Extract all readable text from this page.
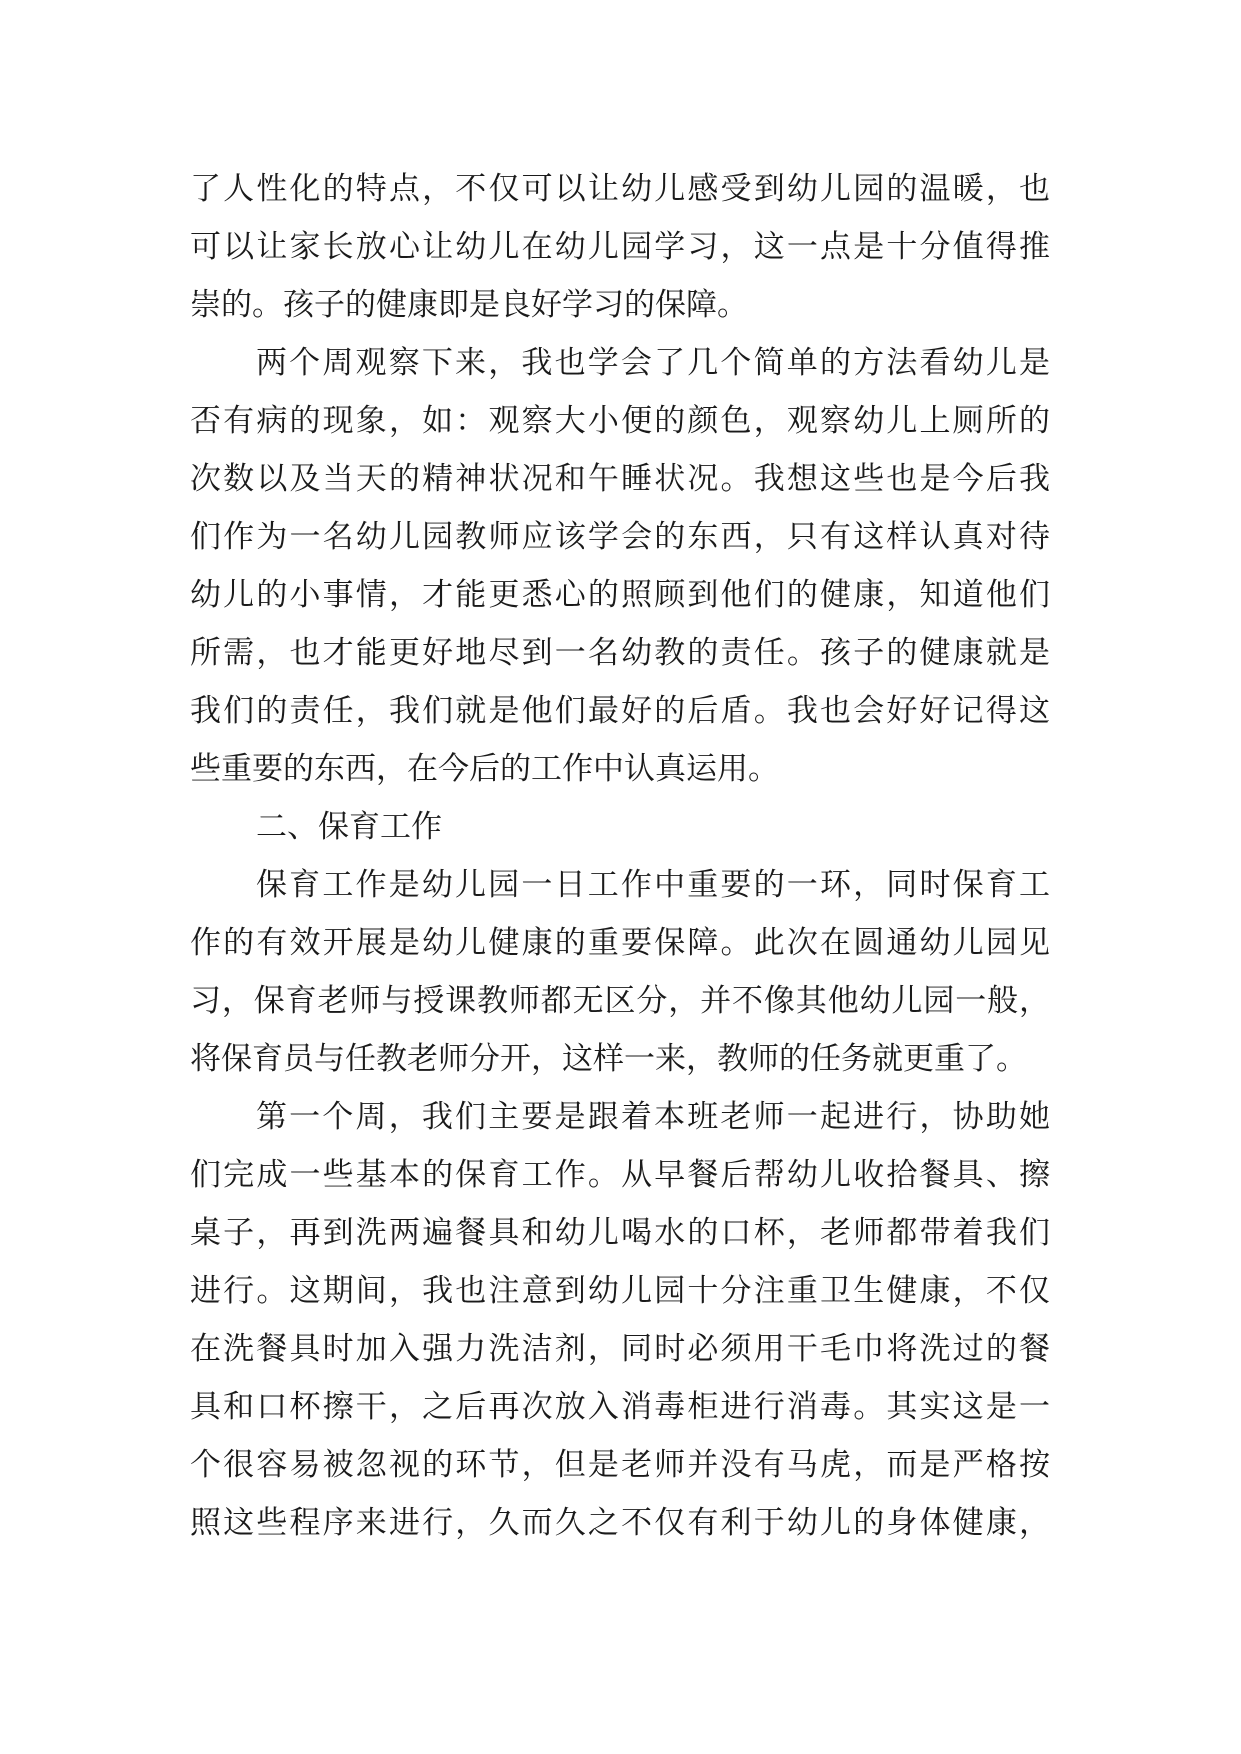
了人性化的特点，不仅可以让幼儿感受到幼儿园的温暖，也
可以让家长放心让幼儿在幼儿园学习，这一点是十分值得推
崇的。孩子的健康即是良好学习的保障。
两个周观察下来，我也学会了几个简单的方法看幼儿是
否有病的现象，如：观察大小便的颜色，观察幼儿上厕所的
次数以及当天的精神状况和午睡状况。我想这些也是今后我
们作为一名幼儿园教师应该学会的东西，只有这样认真对待
幼儿的小事情，才能更悉心的照顾到他们的健康，知道他们
所需，也才能更好地尽到一名幼教的责任。孩子的健康就是
我们的责任，我们就是他们最好的后盾。我也会好好记得这
些重要的东西，在今后的工作中认真运用。
二、保育工作
保育工作是幼儿园一日工作中重要的一环，同时保育工
作的有效开展是幼儿健康的重要保障。此次在圆通幼儿园见
习，保育老师与授课教师都无区分，并不像其他幼儿园一般，
将保育员与任教老师分开，这样一来，教师的任务就更重了。
第一个周，我们主要是跟着本班老师一起进行，协助她
们完成一些基本的保育工作。从早餐后帮幼儿收拾餐具、擦
桌子，再到洗两遍餐具和幼儿喝水的口杯，老师都带着我们
进行。这期间，我也注意到幼儿园十分注重卫生健康，不仅
在洗餐具时加入强力洗洁剂，同时必须用干毛巾将洗过的餐
具和口杯擦干，之后再次放入消毒柜进行消毒。其实这是一
个很容易被忽视的环节，但是老师并没有马虎，而是严格按
照这些程序来进行，久而久之不仅有利于幼儿的身体健康，
